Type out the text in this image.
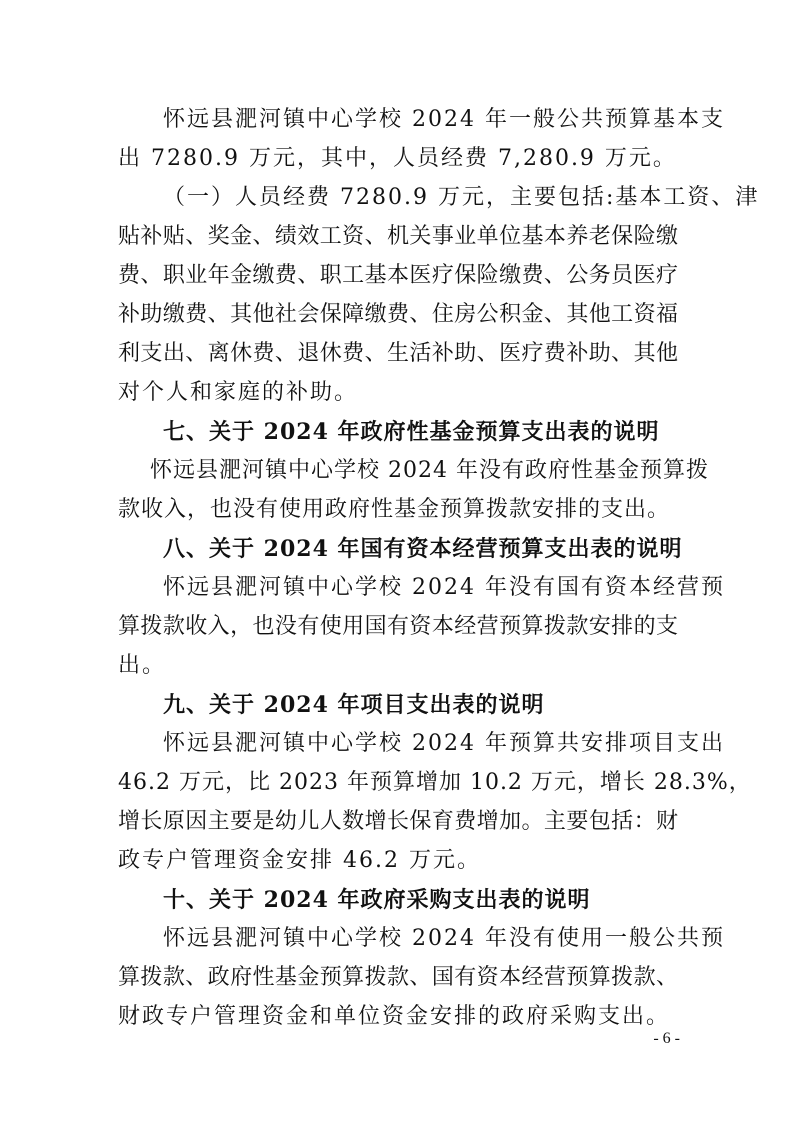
怀远县淝河镇中心学校 2024 年一般公共预算基本支
出 7280.9 万元，其中，人员经费 7,280.9 万元。
（一）人员经费 7280.9 万元，主要包括:基本工资、津
贴补贴、奖金、绩效工资、机关事业单位基本养老保险缴
费、职业年金缴费、职工基本医疗保险缴费、公务员医疗
补助缴费、其他社会保障缴费、住房公积金、其他工资福
利支出、离休费、退休费、生活补助、医疗费补助、其他
对个人和家庭的补助。
七、关于 2024 年政府性基金预算支出表的说明
怀远县淝河镇中心学校 2024 年没有政府性基金预算拨
款收入，也没有使用政府性基金预算拨款安排的支出。
八、关于 2024 年国有资本经营预算支出表的说明
怀远县淝河镇中心学校 2024 年没有国有资本经营预
算拨款收入，也没有使用国有资本经营预算拨款安排的支
出。
九、关于 2024 年项目支出表的说明
怀远县淝河镇中心学校 2024 年预算共安排项目支出
46.2 万元，比 2023 年预算增加 10.2 万元，增长 28.3%，
增长原因主要是幼儿人数增长保育费增加。主要包括：财
政专户管理资金安排 46.2 万元。
十、关于 2024 年政府采购支出表的说明
怀远县淝河镇中心学校 2024 年没有使用一般公共预
算拨款、政府性基金预算拨款、国有资本经营预算拨款、
财政专户管理资金和单位资金安排的政府采购支出。
- 6 -
